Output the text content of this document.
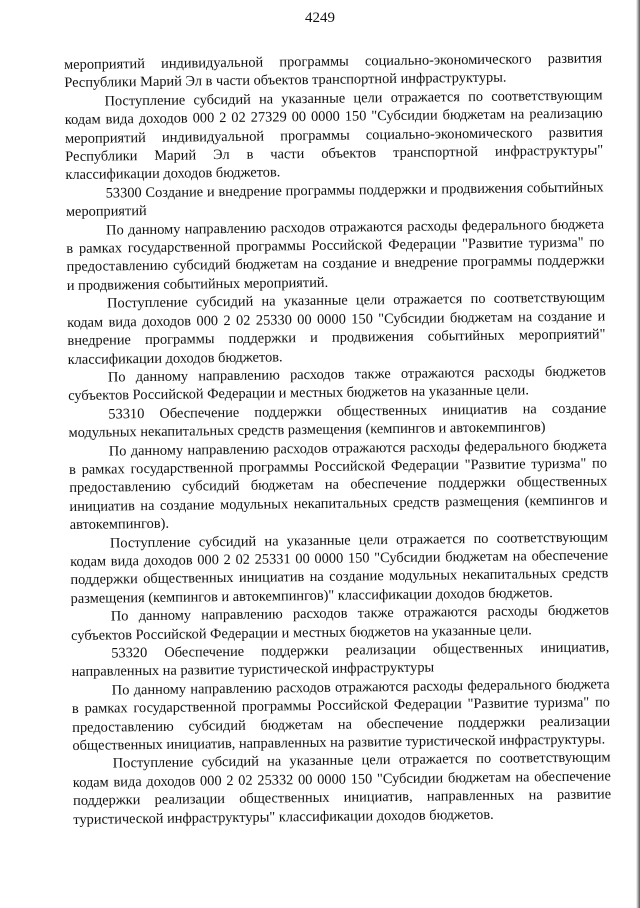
4249

мероприятий индивидуальной программы социально-экономического развития Республики Марий Эл в части объектов транспортной инфраструктуры.

Поступление субсидий на указанные цели отражается по соответствующим кодам вида доходов 000 2 02 27329 00 0000 150 "Субсидии бюджетам на реализацию мероприятий индивидуальной программы социально-экономического развития Республики Марий Эл в части объектов транспортной инфраструктуры" классификации доходов бюджетов.

53300 Создание и внедрение программы поддержки и продвижения событийных мероприятий

По данному направлению расходов отражаются расходы федерального бюджета в рамках государственной программы Российской Федерации "Развитие туризма" по предоставлению субсидий бюджетам на создание и внедрение программы поддержки и продвижения событийных мероприятий.

Поступление субсидий на указанные цели отражается по соответствующим кодам вида доходов 000 2 02 25330 00 0000 150 "Субсидии бюджетам на создание и внедрение программы поддержки и продвижения событийных мероприятий" классификации доходов бюджетов.

По данному направлению расходов также отражаются расходы бюджетов субъектов Российской Федерации и местных бюджетов на указанные цели.

53310 Обеспечение поддержки общественных инициатив на создание модульных некапитальных средств размещения (кемпингов и автокемпингов)

По данному направлению расходов отражаются расходы федерального бюджета в рамках государственной программы Российской Федерации "Развитие туризма" по предоставлению субсидий бюджетам на обеспечение поддержки общественных инициатив на создание модульных некапитальных средств размещения (кемпингов и автокемпингов).

Поступление субсидий на указанные цели отражается по соответствующим кодам вида доходов 000 2 02 25331 00 0000 150 "Субсидии бюджетам на обеспечение поддержки общественных инициатив на создание модульных некапитальных средств размещения (кемпингов и автокемпингов)" классификации доходов бюджетов.

По данному направлению расходов также отражаются расходы бюджетов субъектов Российской Федерации и местных бюджетов на указанные цели.

53320 Обеспечение поддержки реализации общественных инициатив, направленных на развитие туристической инфраструктуры

По данному направлению расходов отражаются расходы федерального бюджета в рамках государственной программы Российской Федерации "Развитие туризма" по предоставлению субсидий бюджетам на обеспечение поддержки реализации общественных инициатив, направленных на развитие туристической инфраструктуры.

Поступление субсидий на указанные цели отражается по соответствующим кодам вида доходов 000 2 02 25332 00 0000 150 "Субсидии бюджетам на обеспечение поддержки реализации общественных инициатив, направленных на развитие туристической инфраструктуры" классификации доходов бюджетов.
